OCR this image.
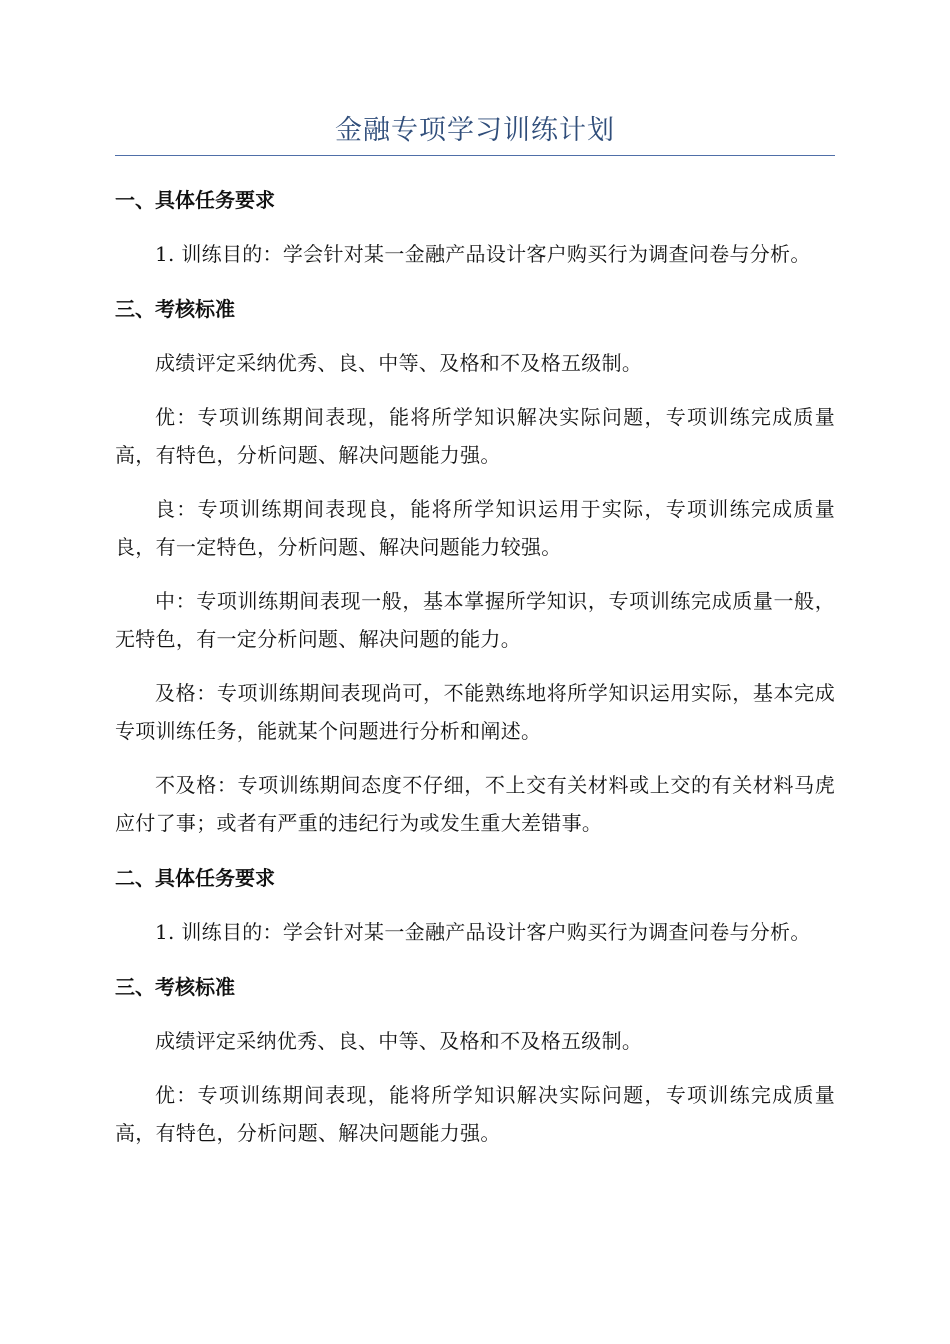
金融专项学习训练计划
一、具体任务要求

1. 训练目的：学会针对某一金融产品设计客户购买行为调查问卷与分析。

三、考核标准

成绩评定采纳优秀、良、中等、及格和不及格五级制。

优：专项训练期间表现，能将所学知识解决实际问题，专项训练完成质量高，有特色，分析问题、解决问题能力强。

良：专项训练期间表现良，能将所学知识运用于实际，专项训练完成质量良，有一定特色，分析问题、解决问题能力较强。

中：专项训练期间表现一般，基本掌握所学知识，专项训练完成质量一般，无特色，有一定分析问题、解决问题的能力。

及格：专项训练期间表现尚可，不能熟练地将所学知识运用实际，基本完成专项训练任务，能就某个问题进行分析和阐述。

不及格：专项训练期间态度不仔细，不上交有关材料或上交的有关材料马虎应付了事；或者有严重的违纪行为或发生重大差错事。

二、具体任务要求

1. 训练目的：学会针对某一金融产品设计客户购买行为调查问卷与分析。

三、考核标准

成绩评定采纳优秀、良、中等、及格和不及格五级制。

优：专项训练期间表现，能将所学知识解决实际问题，专项训练完成质量高，有特色，分析问题、解决问题能力强。
